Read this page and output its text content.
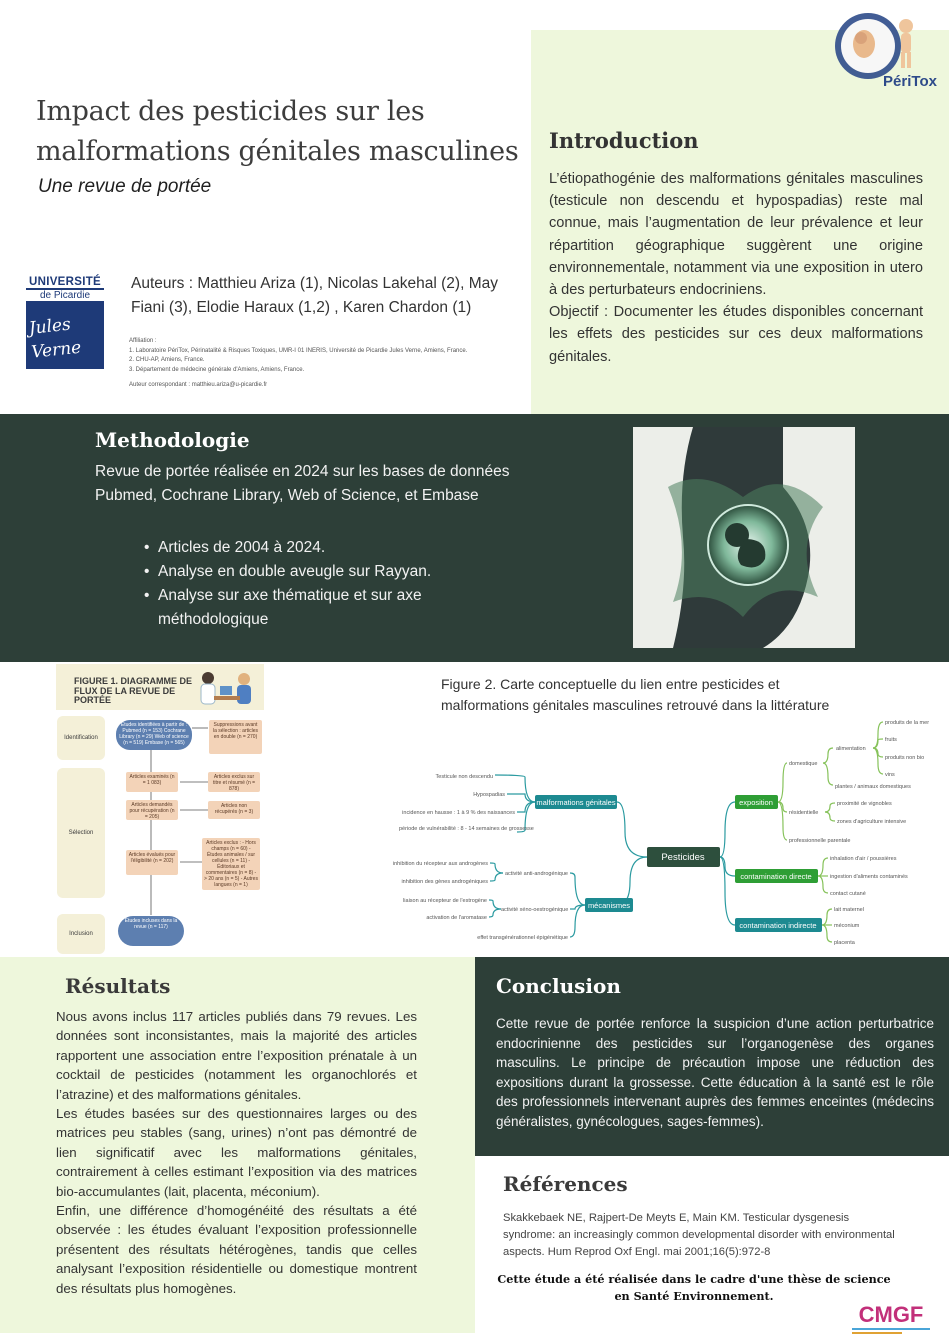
Impact des pesticides sur les malformations génitales masculines
Une revue de portée
UNIVERSITÉ
de Picardie
Jules Verne
Auteurs : Matthieu Ariza (1), Nicolas Lakehal (2), May Fiani (3), Elodie Haraux (1,2) , Karen Chardon (1)
Affiliation :
1. Laboratoire PériTox, Périnatalité & Risques Toxiques, UMR-I 01 INERIS, Université de Picardie Jules Verne, Amiens, France.
2. CHU-AP, Amiens, France.
3. Département de médecine générale d'Amiens, Amiens, France.
Auteur correspondant : matthieu.ariza@u-picardie.fr
PériTox
Introduction

L’étiopathogénie des malformations génitales masculines (testicule non descendu et hypospadias) reste mal connue, mais l’augmentation de leur prévalence et leur répartition géographique suggèrent une origine environnementale, notamment via une exposition in utero à des perturbateurs endocriniens.

Objectif : Documenter les études disponibles concernant les effets des pesticides sur ces deux malformations génitales.

Methodologie

Revue de portée réalisée en 2024 sur les bases de données Pubmed, Cochrane Library, Web of Science, et Embase

• Articles de 2004 à 2024.
• Analyse en double aveugle sur Rayyan.
• Analyse sur axe thématique et sur axe méthodologique
FIGURE 1. DIAGRAMME DE FLUX DE LA REVUE DE PORTÉE
Identification
Sélection
Inclusion
Études identifiées à partir de : Pubmed (n = 153) Cochrane Library (n = 29) Web of science (n = 519) Embase (n = 565)
Suppressions avant la sélection : articles en double (n = 270)
Articles examinés (n = 1 083)
Articles exclus sur titre et résumé (n = 878)
Articles demandés pour récupération (n = 205)
Articles non récupérés (n = 3)
Articles évalués pour l'éligibilité (n = 202)
Articles exclus : - Hors champs (n = 60) - Études animales / sur cellules (n = 11) - Éditoriaux et commentaires (n = 8) - > 20 ans (n = 5) - Autres langues (n = 1)
Études incluses dans la revue (n = 117)
Figure 2. Carte conceptuelle du lien entre pesticides et malformations génitales masculines retrouvé dans la littérature
Pesticides
malformations génitales
mécanismes
exposition
contamination directe
contamination indirecte
Testicule non descendu
Hypospadias
incidence en hausse : 1 à 9 % des naissances
période de vulnérabilité : 8 - 14 semaines de grossesse
activité anti-androgénique
inhibition du récepteur aux androgènes
inhibition des gènes androgéniques
activité xéno-oestrogénique
liaison au récepteur de l'estrogène
activation de l'aromatase
effet transgénérationnel épigénétique
domestique
alimentation
produits de la mer
fruits
produits non bio
vins
plantes / animaux domestiques
résidentielle
proximité de vignobles
zones d'agriculture intensive
professionnelle parentale
inhalation d'air / poussières
ingestion d'aliments contaminés
contact cutané
lait maternel
méconium
placenta
Résultats

Nous avons inclus 117 articles publiés dans 79 revues. Les données sont inconsistantes, mais la majorité des articles rapportent une association entre l’exposition prénatale à un cocktail de pesticides (notamment les organochlorés et l’atrazine) et des malformations génitales.

Les études basées sur des questionnaires larges ou des matrices peu stables (sang, urines) n’ont pas démontré de lien significatif avec les malformations génitales, contrairement à celles estimant l’exposition via des matrices bio-accumulantes (lait, placenta, méconium).

Enfin, une différence d’homogénéité des résultats a été observée : les études évaluant l’exposition professionnelle présentent des résultats hétérogènes, tandis que celles analysant l’exposition résidentielle ou domestique montrent des résultats plus homogènes.

Conclusion

Cette revue de portée renforce la suspicion d’une action perturbatrice endocrinienne des pesticides sur l’organogenèse des organes masculins. Le principe de précaution impose une réduction des expositions durant la grossesse. Cette éducation à la santé est le rôle des professionnels intervenant auprès des femmes enceintes (médecins généralistes, gynécologues, sages-femmes).

Références

Skakkebaek NE, Rajpert-De Meyts E, Main KM. Testicular dysgenesis syndrome: an increasingly common developmental disorder with environmental aspects. Hum Reprod Oxf Engl. mai 2001;16(5):972-8

Cette étude a été réalisée dans le cadre d'une thèse de science en Santé Environnement.

CMGF
